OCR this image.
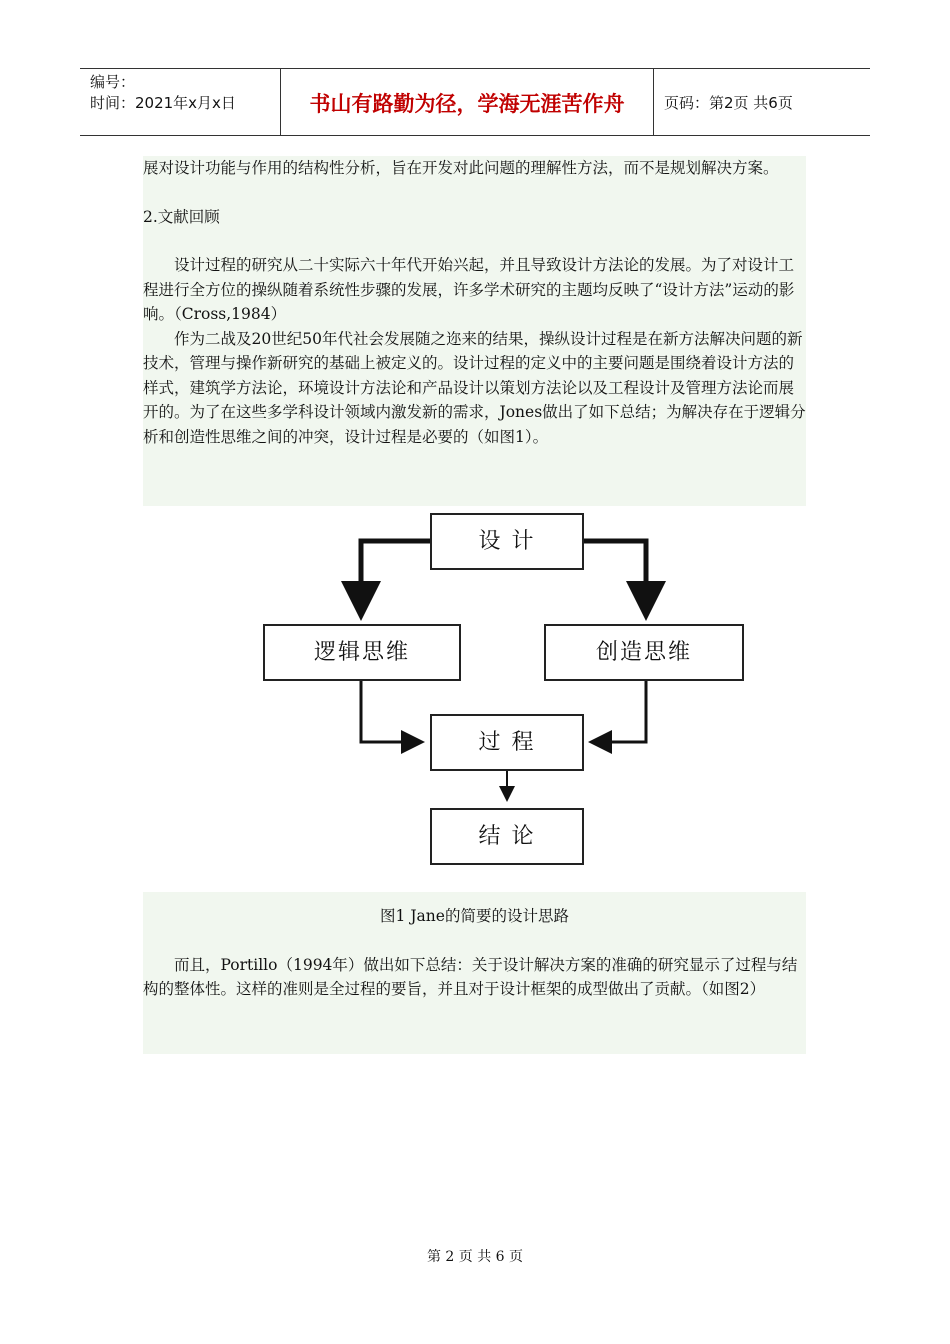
编号：
时间：2021年x月x日	书山有路勤为径，学海无涯苦作舟	页码：第2页 共6页

展对设计功能与作用的结构性分析，旨在开发对此问题的理解性方法，而不是规划解决方案。

2.文献回顾

设计过程的研究从二十实际六十年代开始兴起，并且导致设计方法论的发展。为了对设计工程进行全方位的操纵随着系统性步骤的发展，许多学术研究的主题均反映了“设计方法”运动的影响。（Cross,1984）

作为二战及20世纪50年代社会发展随之迩来的结果，操纵设计过程是在新方法解决问题的新技术，管理与操作新研究的基础上被定义的。设计过程的定义中的主要问题是围绕着设计方法的样式，建筑学方法论，环境设计方法论和产品设计以策划方法论以及工程设计及管理方法论而展开的。为了在这些多学科设计领域内激发新的需求，Jones做出了如下总结；为解决存在于逻辑分析和创造性思维之间的冲突，设计过程是必要的（如图1）。

设 计
逻辑思维	创造思维
过 程
结 论

图1 Jane的简要的设计思路

而且，Portillo（1994年）做出如下总结：关于设计解决方案的准确的研究显示了过程与结构的整体性。这样的准则是全过程的要旨，并且对于设计框架的成型做出了贡献。（如图2）

第 2 页 共 6 页
